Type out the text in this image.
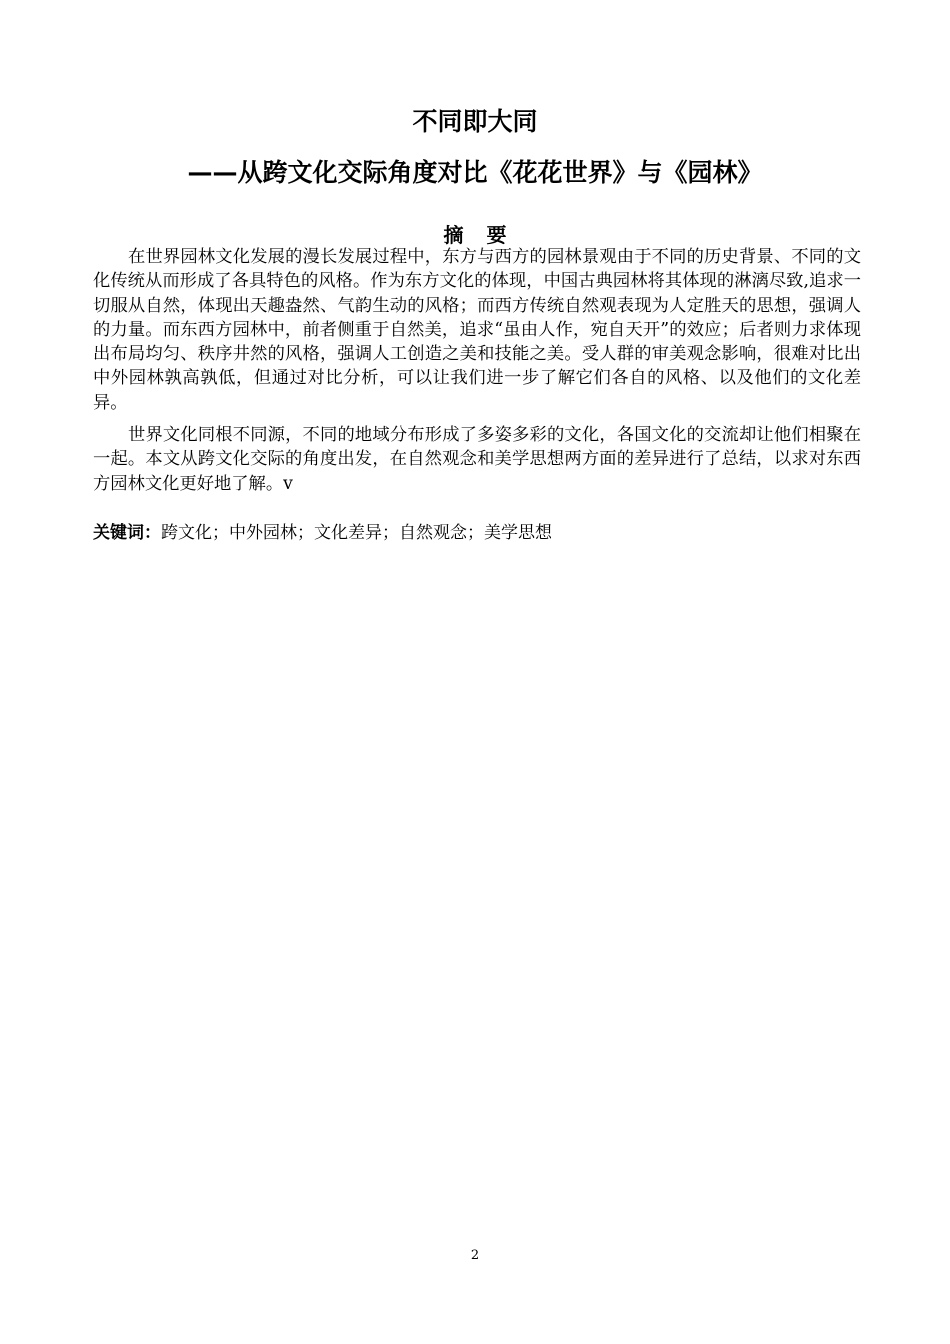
不同即大同
——从跨文化交际角度对比《花花世界》与《园林》
摘 要

在世界园林文化发展的漫长发展过程中，东方与西方的园林景观由于不同的历史背景、不同的文化传统从而形成了各具特色的风格。作为东方文化的体现，中国古典园林将其体现的淋漓尽致,追求一切服从自然，体现出天趣盎然、气韵生动的风格；而西方传统自然观表现为人定胜天的思想，强调人的力量。而东西方园林中，前者侧重于自然美，追求“虽由人作，宛自天开”的效应；后者则力求体现出布局均匀、秩序井然的风格，强调人工创造之美和技能之美。受人群的审美观念影响，很难对比出中外园林孰高孰低，但通过对比分析，可以让我们进一步了解它们各自的风格、以及他们的文化差异。

世界文化同根不同源，不同的地域分布形成了多姿多彩的文化，各国文化的交流却让他们相聚在一起。本文从跨文化交际的角度出发，在自然观念和美学思想两方面的差异进行了总结，以求对东西方园林文化更好地了解。v

关键词：跨文化；中外园林；文化差异；自然观念；美学思想
2
